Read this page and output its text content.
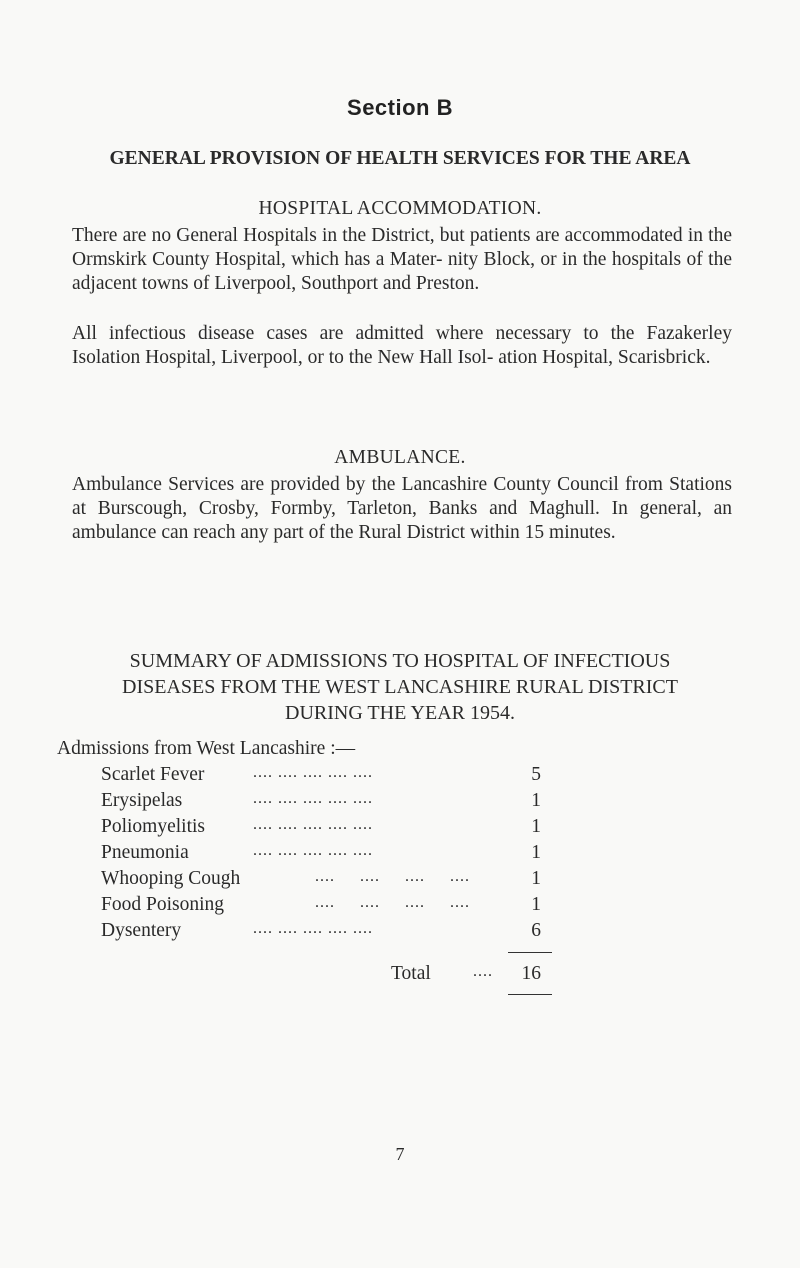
Section B
GENERAL PROVISION OF HEALTH SERVICES FOR THE AREA
HOSPITAL ACCOMMODATION.

There are no General Hospitals in the District, but patients are accommodated in the Ormskirk County Hospital, which has a Mater- nity Block, or in the hospitals of the adjacent towns of Liverpool, Southport and Preston.

All infectious disease cases are admitted where necessary to the Fazakerley Isolation Hospital, Liverpool, or to the New Hall Isol- ation Hospital, Scarisbrick.

AMBULANCE.

Ambulance Services are provided by the Lancashire County Council from Stations at Burscough, Crosby, Formby, Tarleton, Banks and Maghull. In general, an ambulance can reach any part of the Rural District within 15 minutes.

SUMMARY OF ADMISSIONS TO HOSPITAL OF INFECTIOUS
DISEASES FROM THE WEST LANCASHIRE RURAL DISTRICT
DURING THE YEAR 1954.
Admissions from West Lancashire :—
Scarlet Fever	.... .... .... .... ....	5
Erysipelas	.... .... .... .... ....	1
Poliomyelitis	.... .... .... .... ....	1
Pneumonia	.... .... .... .... ....	1
Whooping Cough	....     ....     ....     ....	1
Food Poisoning	....     ....     ....     ....	1
Dysentery	.... .... .... .... ....	6
Total	.... 16
7
